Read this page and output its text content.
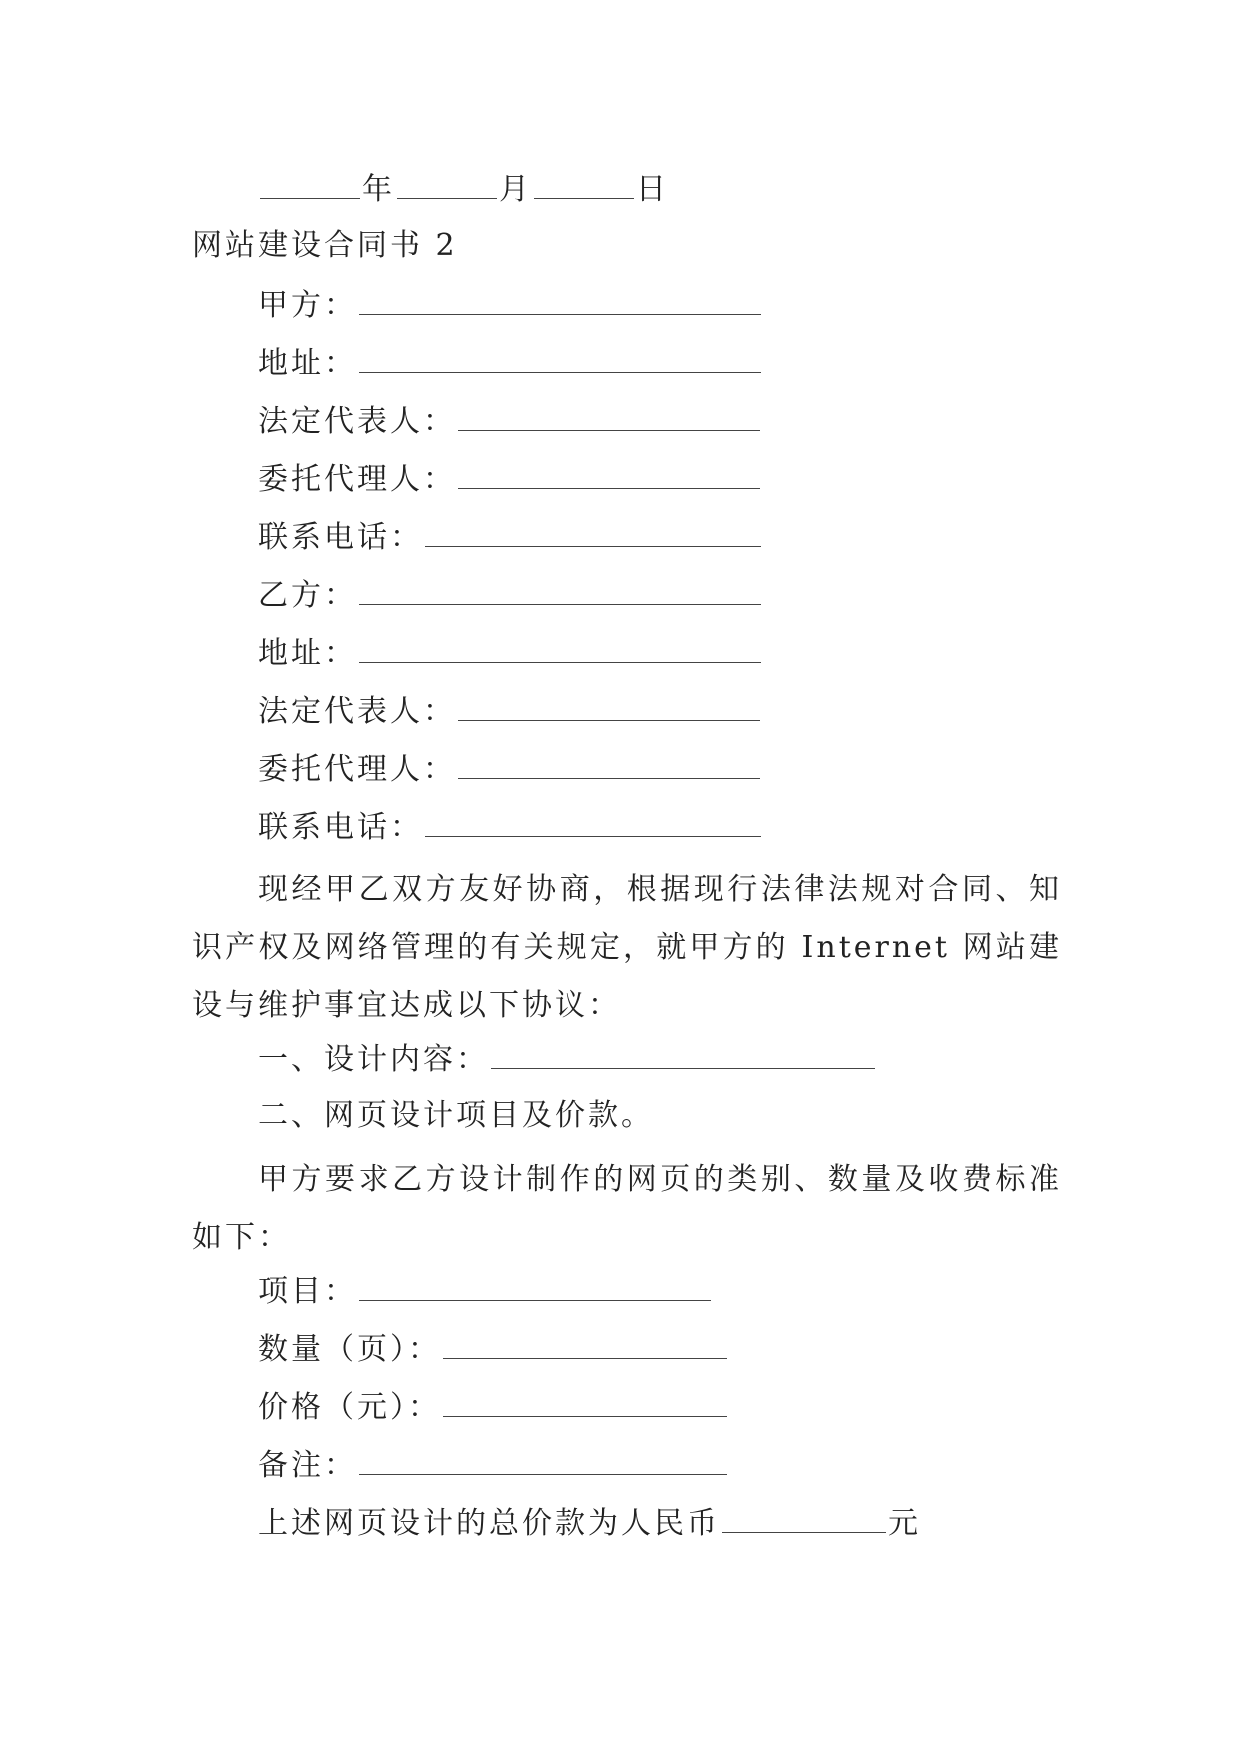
年	月	日
网站建设合同书 2
甲方：
地址：
法定代表人：
委托代理人：
联系电话：
乙方：
地址：
法定代表人：
委托代理人：
联系电话：
现经甲乙双方友好协商，根据现行法律法规对合同、知识产权及网络管理的有关规定，就甲方的 Internet 网站建设与维护事宜达成以下协议：
一、设计内容：
二、网页设计项目及价款。
甲方要求乙方设计制作的网页的类别、数量及收费标准如下：
项目：
数量（页）：
价格（元）：
备注：
上述网页设计的总价款为人民币	元
